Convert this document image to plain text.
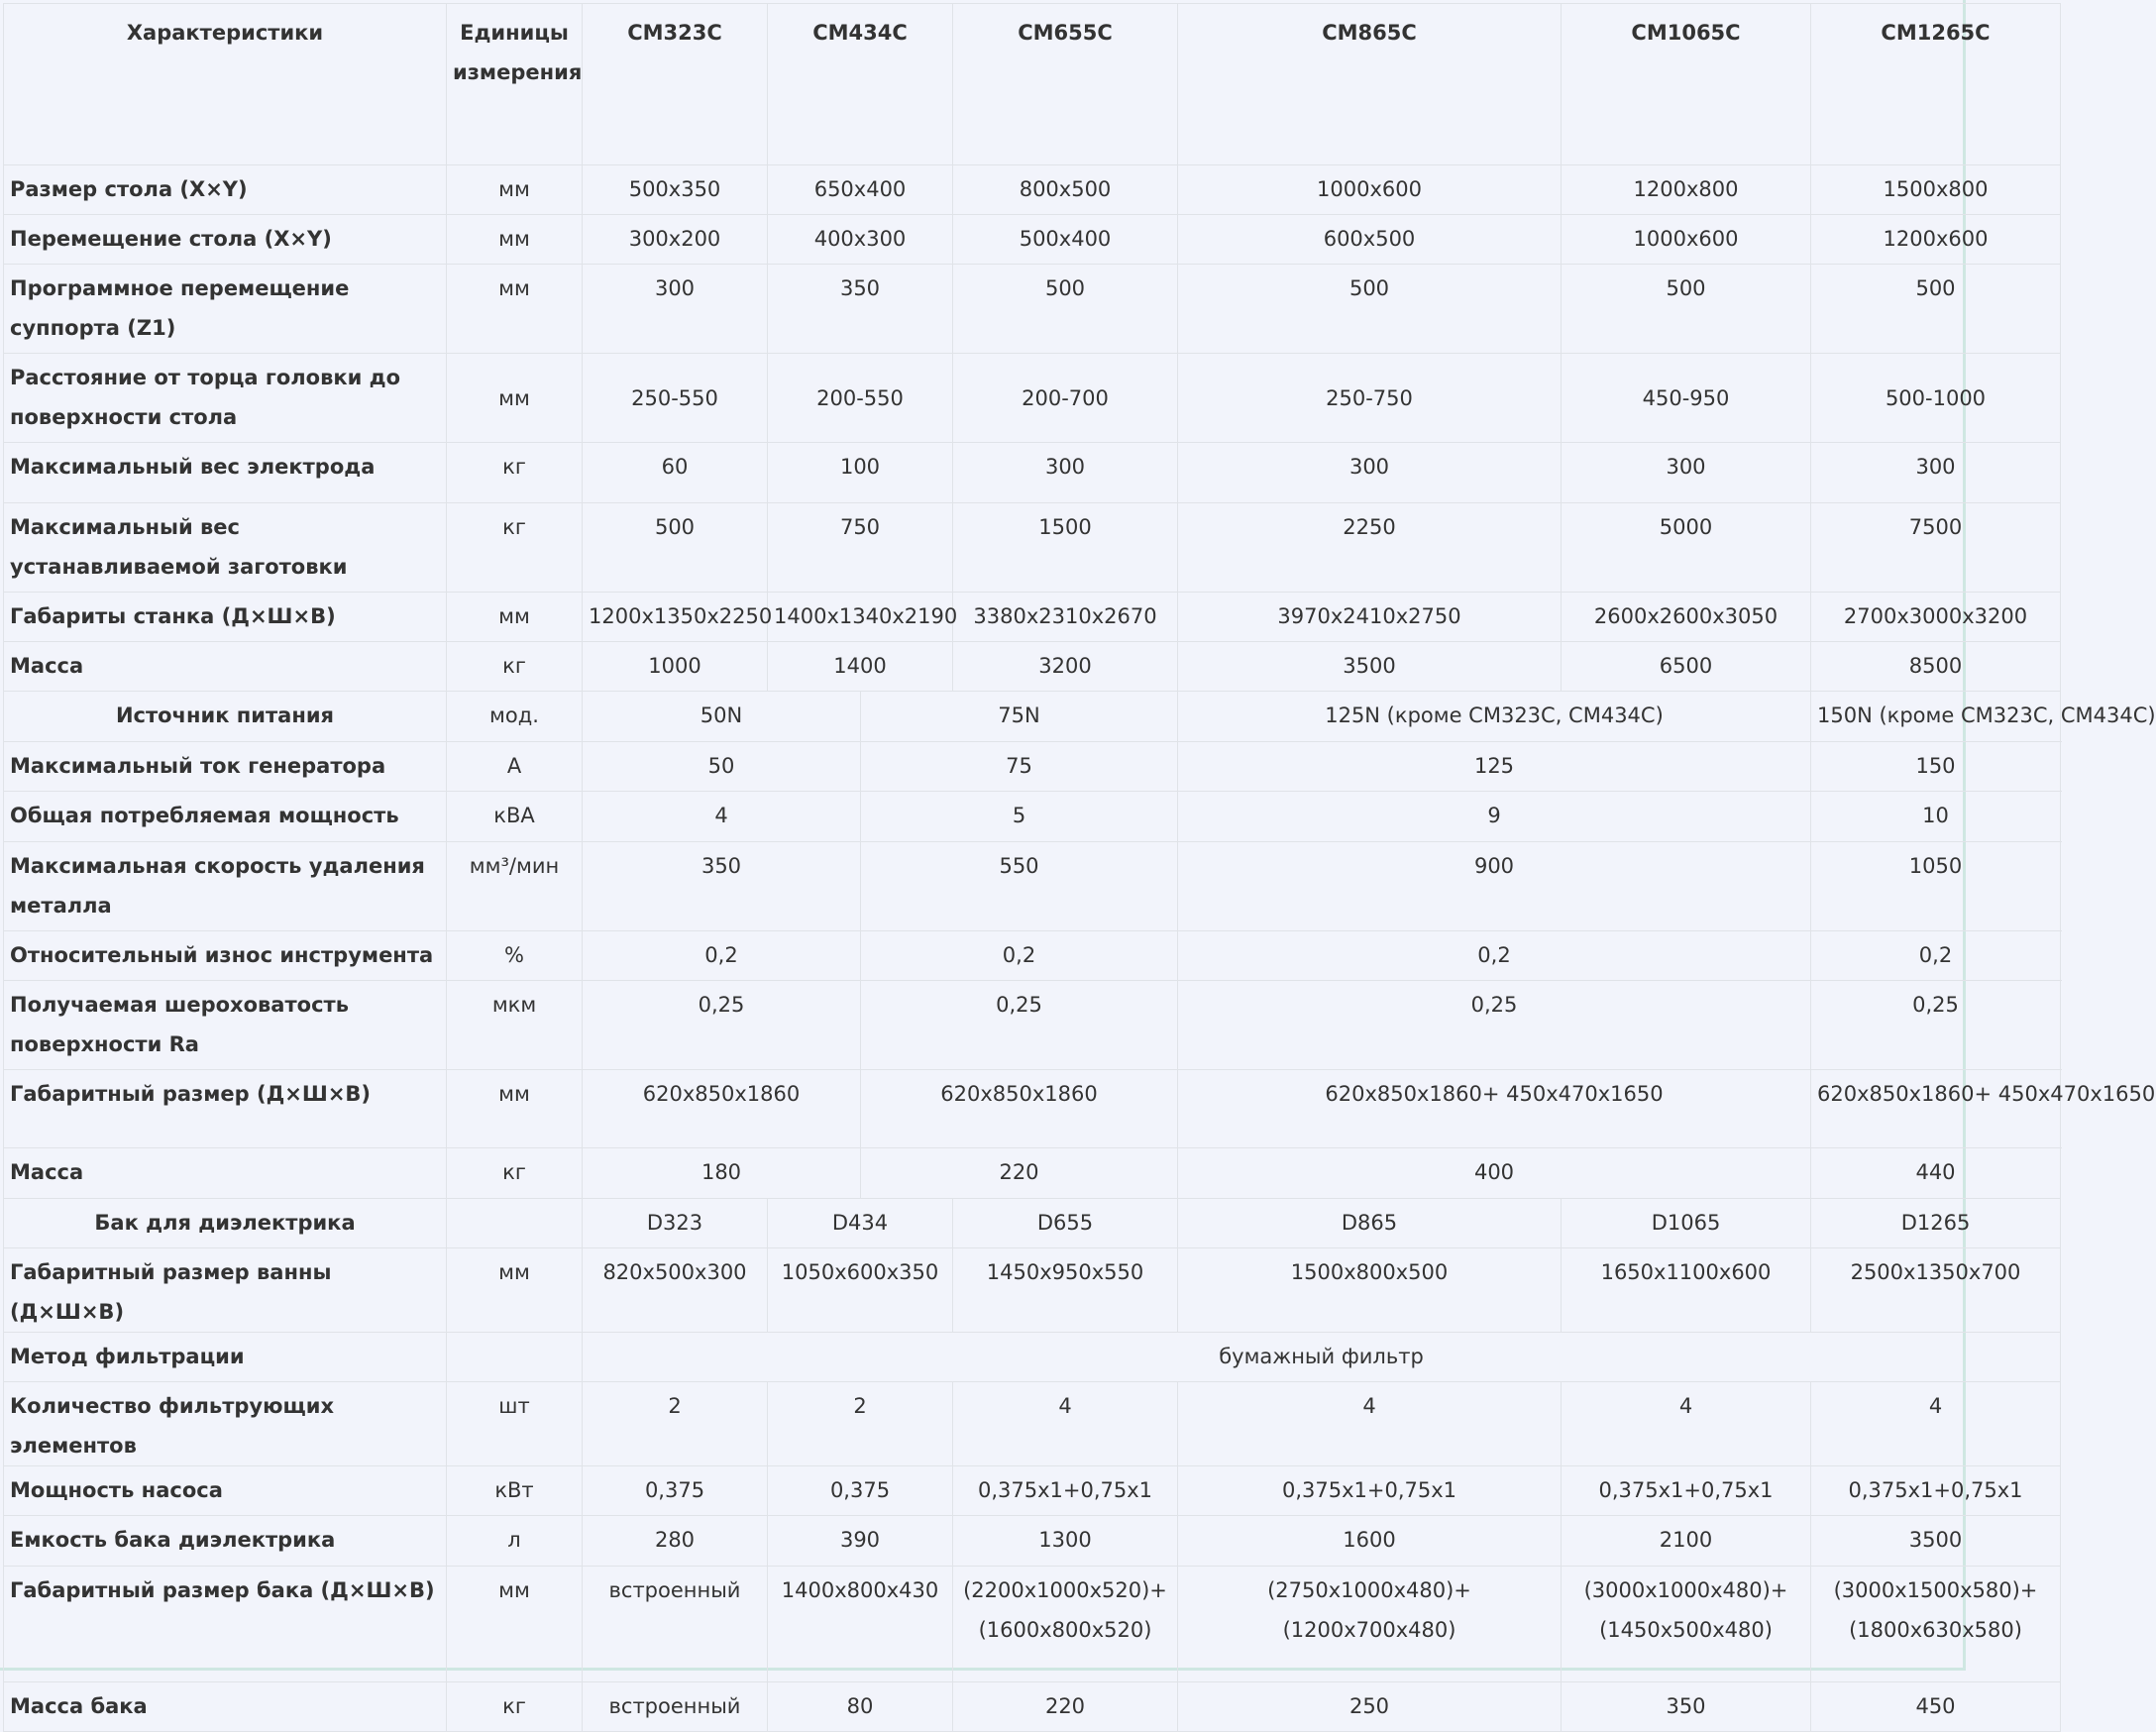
Характеристики	Единицы измерения	CM323C	CM434C		CM655C	CM865C	CM1065C	CM1265C
Размер стола (X×Y)	мм	500x350	650x400		800x500	1000x600	1200x800	1500x800
Перемещение стола (X×Y)	мм	300x200	400x300		500x400	600x500	1000x600	1200x600
Программное перемещение суппорта (Z1)	мм	300	350		500	500	500	500
Расстояние от торца головки до поверхности стола	мм	250-550	200-550		200-700	250-750	450-950	500-1000
Максимальный вес электрода	кг	60	100		300	300	300	300
Максимальный вес устанавливаемой заготовки	кг	500	750		1500	2250	5000	7500
Габариты станка (Д×Ш×В)	мм	1200x1350x2250	1400x1340x2190		3380x2310x2670	3970x2410x2750	2600x2600x3050	2700x3000x3200
Масса	кг	1000	1400		3200	3500	6500	8500
Источник питания	мод.	50N		75N		125N (кроме CM323C, CM434C)		150N (кроме CM323C, CM434C)
Максимальный ток генератора	А	50		75		125		150
Общая потребляемая мощность	кВА	4		5		9		10
Максимальная скорость удаления металла	мм³/мин	350		550		900		1050
Относительный износ инструмента	%	0,2		0,2		0,2		0,2
Получаемая шероховатость поверхности Ra	мкм	0,25		0,25		0,25		0,25
Габаритный размер (Д×Ш×В)	мм	620x850x1860		620x850x1860		620x850x1860+ 450x470x1650		620x850x1860+ 450x470x1650
Масса	кг	180		220		400		440
Бак для диэлектрика		D323	D434		D655	D865	D1065	D1265
Габаритный размер ванны (Д×Ш×В)	мм	820x500x300	1050x600x350		1450x950x550	1500x800x500	1650x1100x600	2500x1350x700
Метод фильтрации		бумажный фильтр						
Количество фильтрующих элементов	шт	2	2		4	4	4	4
Мощность насоса	кВт	0,375	0,375		0,375x1+0,75x1	0,375x1+0,75x1	0,375x1+0,75x1	0,375x1+0,75x1
Емкость бака диэлектрика	л	280	390		1300	1600	2100	3500
Габаритный размер бака (Д×Ш×В)	мм	встроенный	1400x800x430		(2200x1000x520)+ (1600x800x520)	(2750x1000x480)+ (1200x700x480)	(3000x1000x480)+ (1450x500x480)	(3000x1500x580)+ (1800x630x580)
Масса бака	кг	встроенный	80		220	250	350	450
